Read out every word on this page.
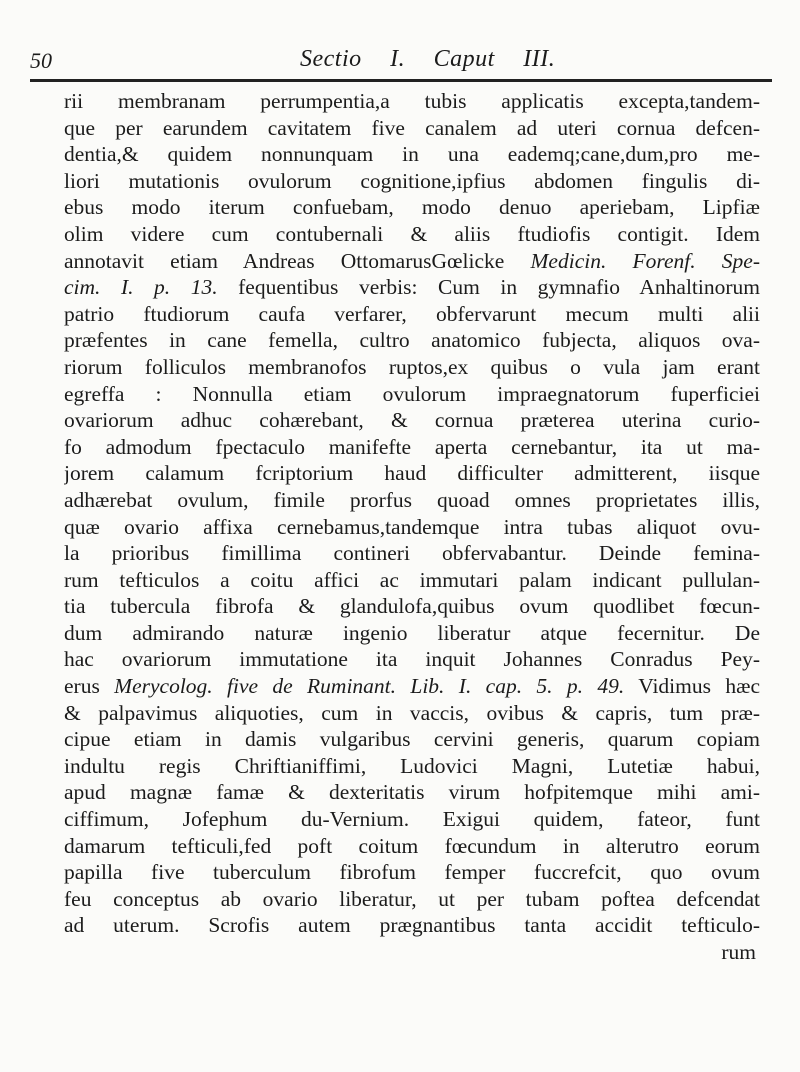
50	Sectio I. Caput III.
rii membranam perrumpentia,a tubis applicatis excepta,tandem-
que per earundem cavitatem five canalem ad uteri cornua defcen-
dentia,& quidem nonnunquam in una eademq;cane,dum,pro me-
liori mutationis ovulorum cognitione,ipfius abdomen fingulis di-
ebus modo iterum confuebam, modo denuo aperiebam, Lipfiæ
olim videre cum contubernali & aliis ftudiofis contigit. Idem
annotavit etiam Andreas OttomarusGœlicke Medicin. Forenf. Spe-
cim. I. p. 13. fequentibus verbis: Cum in gymnafio Anhaltinorum
patrio ftudiorum caufa verfarer, obfervarunt mecum multi alii
præfentes in cane femella, cultro anatomico fubjecta, aliquos ova-
riorum folliculos membranofos ruptos,ex quibus o vula jam erant
egreffa : Nonnulla etiam ovulorum impraegnatorum fuperficiei
ovariorum adhuc cohærebant, & cornua præterea uterina curio-
fo admodum fpectaculo manifefte aperta cernebantur, ita ut ma-
jorem calamum fcriptorium haud difficulter admitterent, iisque
adhærebat ovulum, fimile prorfus quoad omnes proprietates illis,
quæ ovario affixa cernebamus,tandemque intra tubas aliquot ovu-
la prioribus fimillima contineri obfervabantur. Deinde femina-
rum tefticulos a coitu affici ac immutari palam indicant pullulan-
tia tubercula fibrofa & glandulofa,quibus ovum quodlibet fœcun-
dum admirando naturæ ingenio liberatur atque fecernitur. De
hac ovariorum immutatione ita inquit Johannes Conradus Pey-
erus Merycolog. five de Ruminant. Lib. I. cap. 5. p. 49. Vidimus hæc
& palpavimus aliquoties, cum in vaccis, ovibus & capris, tum præ-
cipue etiam in damis vulgaribus cervini generis, quarum copiam
indultu regis Chriftianiffimi, Ludovici Magni, Lutetiæ habui,
apud magnæ famæ & dexteritatis virum hofpitemque mihi ami-
ciffimum, Jofephum du-Vernium. Exigui quidem, fateor, funt
damarum tefticuli,fed poft coitum fœcundum in alterutro eorum
papilla five tuberculum fibrofum femper fuccrefcit, quo ovum
feu conceptus ab ovario liberatur, ut per tubam poftea defcendat
ad uterum. Scrofis autem prægnantibus tanta accidit tefticulo-
rum
